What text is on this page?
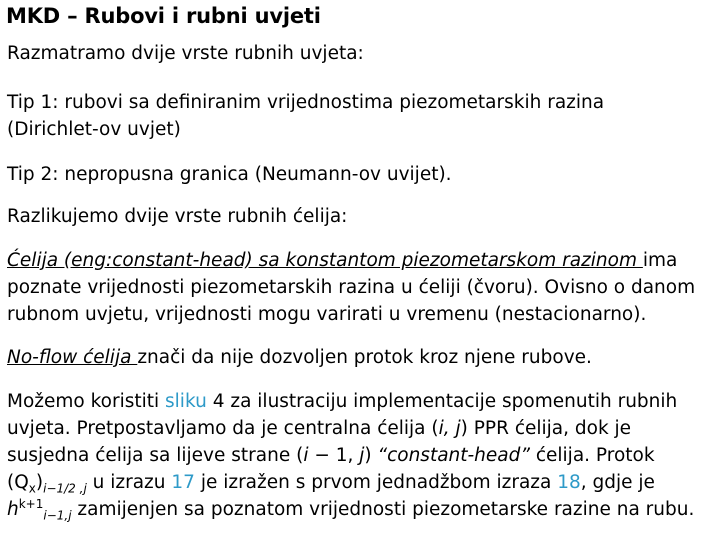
MKD – Rubovi i rubni uvjeti
Razmatramo dvije vrste rubnih uvjeta:
Tip 1: rubovi sa definiranim vrijednostima piezometarskih razina
(Dirichlet-ov uvjet)
Tip 2: nepropusna granica (Neumann-ov uvijet).
Razlikujemo dvije vrste rubnih ćelija:
Ćelija (eng:constant-head) sa konstantom piezometarskom razinom ima
poznate vrijednosti piezometarskih razina u ćeliji (čvoru). Ovisno o danom
rubnom uvjetu, vrijednosti mogu varirati u vremenu (nestacionarno).
No-flow ćelija znači da nije dozvoljen protok kroz njene rubove.
Možemo koristiti sliku 4 za ilustraciju implementacije spomenutih rubnih
uvjeta. Pretpostavljamo da je centralna ćelija (i, j) PPR ćelija, dok je
susjedna ćelija sa lijeve strane (i − 1, j) “constant-head” ćelija. Protok
$(Q_x)_{i-1/2 ,j}$ u izrazu 17 je izražen s prvom jednadžbom izraza 18, gdje je
$h^{k+1}_{i-1,j}$ zamijenjen sa poznatom vrijednosti piezometarske razine na rubu.
